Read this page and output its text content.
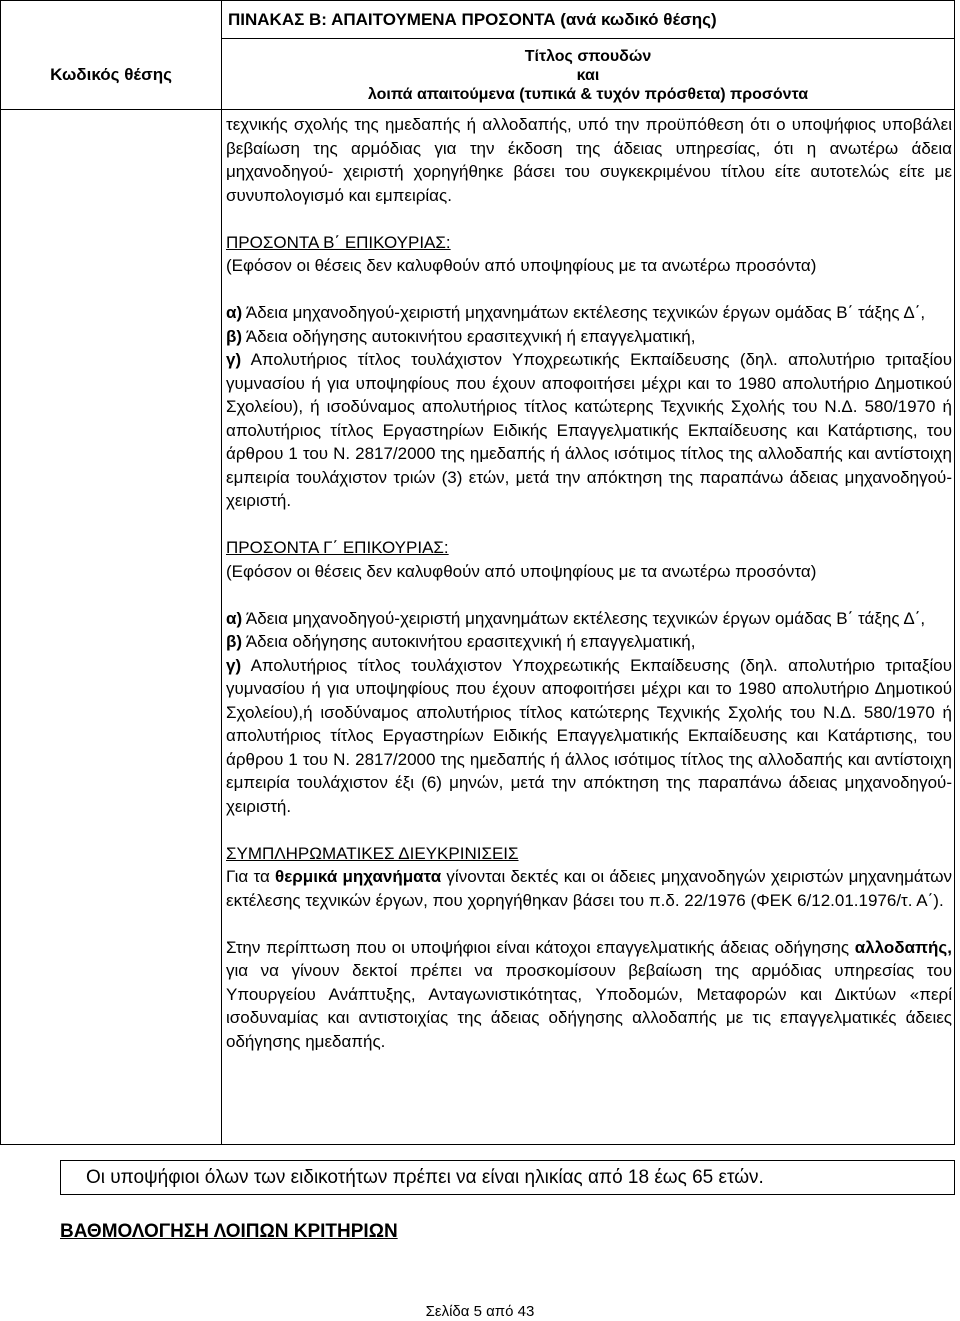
ΠΙΝΑΚΑΣ Β: ΑΠΑΙΤΟΥΜΕΝΑ ΠΡΟΣΟΝΤΑ (ανά κωδικό θέσης)
Κωδικός θέσης
Τίτλος σπουδών
και
λοιπά απαιτούμενα (τυπικά & τυχόν πρόσθετα) προσόντα

τεχνικής σχολής της ημεδαπής ή αλλοδαπής, υπό την προϋπόθεση ότι ο υποψήφιος υποβάλει βεβαίωση της αρμόδιας για την έκδοση της άδειας υπηρεσίας, ότι η ανωτέρω άδεια μηχανοδηγού- χειριστή χορηγήθηκε βάσει του συγκεκριμένου τίτλου είτε αυτοτελώς είτε με συνυπολογισμό και εμπειρίας.

ΠΡΟΣΟΝΤΑ Β΄ ΕΠΙΚΟΥΡΙΑΣ:

(Εφόσον οι θέσεις δεν καλυφθούν από υποψηφίους με τα ανωτέρω προσόντα)

α) Άδεια μηχανοδηγού-χειριστή μηχανημάτων εκτέλεσης τεχνικών έργων ομάδας Β΄ τάξης Δ΄,

β) Άδεια οδήγησης αυτοκινήτου ερασιτεχνική ή επαγγελματική,

γ) Απολυτήριος τίτλος τουλάχιστον Υποχρεωτικής Εκπαίδευσης (δηλ. απολυτήριο τριταξίου γυμνασίου ή για υποψηφίους που έχουν αποφοιτήσει μέχρι και το 1980 απολυτήριο Δημοτικού Σχολείου), ή ισοδύναμος απολυτήριος τίτλος κατώτερης Τεχνικής Σχολής του Ν.Δ. 580/1970 ή απολυτήριος τίτλος Εργαστηρίων Ειδικής Επαγγελματικής Εκπαίδευσης και Κατάρτισης, του άρθρου 1 του Ν. 2817/2000 της ημεδαπής ή άλλος ισότιμος τίτλος της αλλοδαπής και αντίστοιχη εμπειρία τουλάχιστον τριών (3) ετών, μετά την απόκτηση της παραπάνω άδειας μηχανοδηγού-χειριστή.

ΠΡΟΣΟΝΤΑ Γ΄ ΕΠΙΚΟΥΡΙΑΣ:

(Εφόσον οι θέσεις δεν καλυφθούν από υποψηφίους με τα ανωτέρω προσόντα)

α) Άδεια μηχανοδηγού-χειριστή μηχανημάτων εκτέλεσης τεχνικών έργων ομάδας Β΄ τάξης Δ΄,

β) Άδεια οδήγησης αυτοκινήτου ερασιτεχνική ή επαγγελματική,

γ) Απολυτήριος τίτλος τουλάχιστον Υποχρεωτικής Εκπαίδευσης (δηλ. απολυτήριο τριταξίου γυμνασίου ή για υποψηφίους που έχουν αποφοιτήσει μέχρι και το 1980 απολυτήριο Δημοτικού Σχολείου),ή ισοδύναμος απολυτήριος τίτλος κατώτερης Τεχνικής Σχολής του Ν.Δ. 580/1970 ή απολυτήριος τίτλος Εργαστηρίων Ειδικής Επαγγελματικής Εκπαίδευσης και Κατάρτισης, του άρθρου 1 του Ν. 2817/2000 της ημεδαπής ή άλλος ισότιμος τίτλος της αλλοδαπής και αντίστοιχη εμπειρία τουλάχιστον έξι (6) μηνών, μετά την απόκτηση της παραπάνω άδειας μηχανοδηγού-χειριστή.

ΣΥΜΠΛΗΡΩΜΑΤΙΚΕΣ ΔΙΕΥΚΡΙΝΙΣΕΙΣ

Για τα θερμικά μηχανήματα γίνονται δεκτές και οι άδειες μηχανοδηγών χειριστών μηχανημάτων εκτέλεσης τεχνικών έργων, που χορηγήθηκαν βάσει του π.δ. 22/1976 (ΦΕΚ 6/12.01.1976/τ. Α΄).

Στην περίπτωση που οι υποψήφιοι είναι κάτοχοι επαγγελματικής άδειας οδήγησης αλλοδαπής, για να γίνουν δεκτοί πρέπει να προσκομίσουν βεβαίωση της αρμόδιας υπηρεσίας του Υπουργείου Ανάπτυξης, Ανταγωνιστικότητας, Υποδομών, Μεταφορών και Δικτύων «περί ισοδυναμίας και αντιστοιχίας της άδειας οδήγησης αλλοδαπής με τις επαγγελματικές άδειες οδήγησης ημεδαπής.

Οι υποψήφιοι όλων των ειδικοτήτων πρέπει να είναι ηλικίας από 18 έως 65 ετών.
ΒΑΘΜΟΛΟΓΗΣΗ ΛΟΙΠΩΝ ΚΡΙΤΗΡΙΩΝ
Σελίδα 5 από 43
